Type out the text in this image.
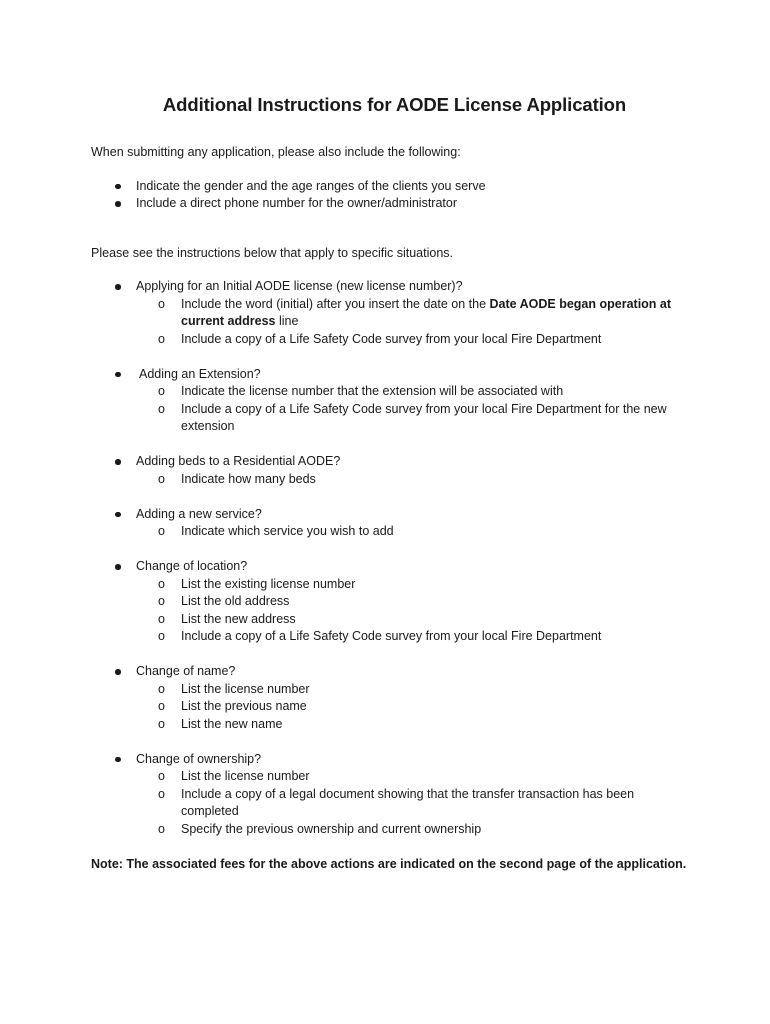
Additional Instructions for AODE License Application

When submitting any application, please also include the following:

Indicate the gender and the age ranges of the clients you serve
Include a direct phone number for the owner/administrator

Please see the instructions below that apply to specific situations.

Applying for an Initial AODE license (new license number)?
o Include the word (initial) after you insert the date on the Date AODE began operation at current address line
o Include a copy of a Life Safety Code survey from your local Fire Department
Adding an Extension?
o Indicate the license number that the extension will be associated with
o Include a copy of a Life Safety Code survey from your local Fire Department for the new extension
Adding beds to a Residential AODE?
o Indicate how many beds
Adding a new service?
o Indicate which service you wish to add
Change of location?
o List the existing license number
o List the old address
o List the new address
o Include a copy of a Life Safety Code survey from your local Fire Department
Change of name?
o List the license number
o List the previous name
o List the new name
Change of ownership?
o List the license number
o Include a copy of a legal document showing that the transfer transaction has been completed
o Specify the previous ownership and current ownership

Note: The associated fees for the above actions are indicated on the second page of the application.
